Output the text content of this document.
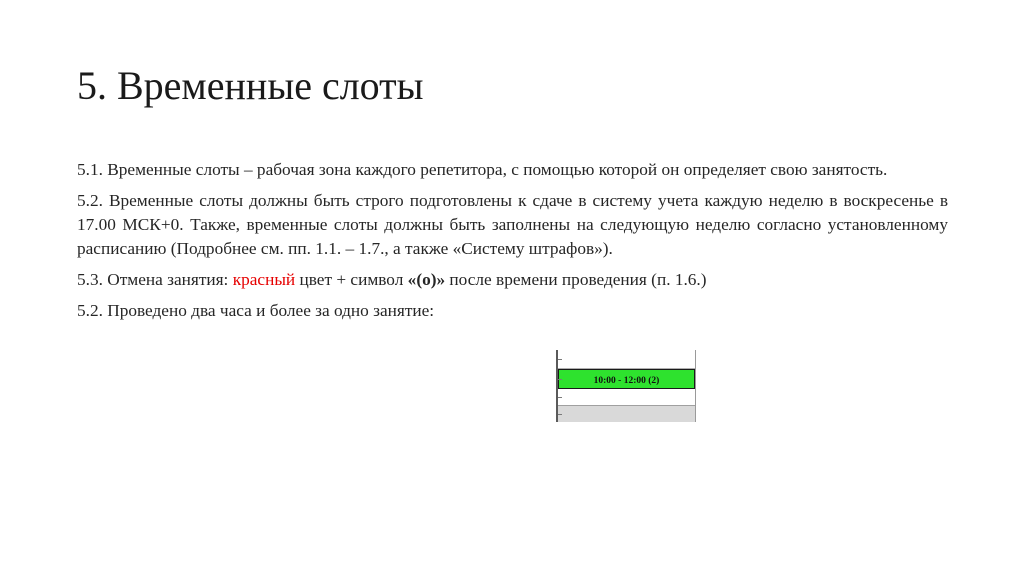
5. Временные слоты

5.1. Временные слоты – рабочая зона каждого репетитора, с помощью которой он определяет свою занятость.

5.2. Временные слоты должны быть строго подготовлены к сдаче в систему учета каждую неделю в воскресенье в 17.00 МСК+0. Также, временные слоты должны быть заполнены на следующую неделю согласно установленному расписанию (Подробнее см. пп. 1.1. – 1.7., а также «Систему штрафов»).

5.3. Отмена занятия: красный цвет + символ «(о)» после времени проведения (п. 1.6.)

5.2. Проведено два часа и более за одно занятие:

10:00 - 12:00 (2)
